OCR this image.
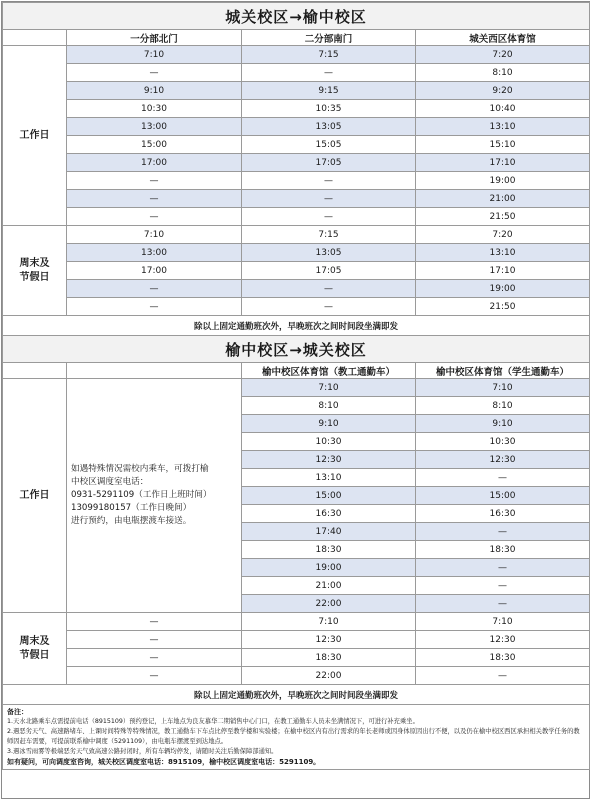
城关校区→榆中校区			
	一分部北门	二分部南门	城关西区体育馆
工作日	7:10	7:15	7:20
	—	—	8:10
	9:10	9:15	9:20
	10:30	10:35	10:40
	13:00	13:05	13:10
	15:00	15:05	15:10
	17:00	17:05	17:10
	—	—	19:00
	—	—	21:00
	—	—	21:50

周末及
节假日	7:10	7:15	7:20
	13:00	13:05	13:10
	17:00	17:05	17:10
	—	—	19:00
	—	—	21:50
除以上固定通勤班次外，早晚班次之间时间段坐满即发			
榆中校区→城关校区			
		榆中校区体育馆（教工通勤车）	榆中校区体育馆（学生通勤车）
工作日	如遇特殊情况需校内乘车，可拨打榆
中校区调度室电话：
0931-5291109（工作日上班时间）
13099180157（工作日晚间）
进行预约，由电瓶摆渡车接送。	7:10	7:10
		8:10	8:10
		9:10	9:10
		10:30	10:30
		12:30	12:30
		13:10	—
		15:00	15:00
		16:30	16:30
		17:40	—
		18:30	18:30
		19:00	—
		21:00	—
		22:00	—

周末及
节假日	—	7:10	7:10
	—	12:30	12:30
	—	18:30	18:30
	—	22:00	—
除以上固定通勤班次外，早晚班次之间时间段坐满即发			

备注：
1.天水北路乘车点需提前电话（8915109）预约登记，上车地点为良友慕华二期销售中心门口，在教工通勤车人员未坐满情况下，可进行补充乘坐。
2.遇恶劣天气、高速路堵车、上课时间特殊等特殊情况，教工通勤车下车点比停至教学楼和实验楼；在榆中校区内有出行需求的年长老师或因身体原因出行不便，以及仍在榆中校区西区承担相关教学任务的教师因赶车需要，可提前联系榆中调度（5291109），由电瓶车摆渡至到达地点。
3.遇冰雪雨雾等极端恶劣天气致高速公路封闭时，所有车辆均停发，请随时关注后勤保障部通知。
如有疑问，可向调度室咨询，城关校区调度室电话：8915109，榆中校区调度室电话：5291109。			
